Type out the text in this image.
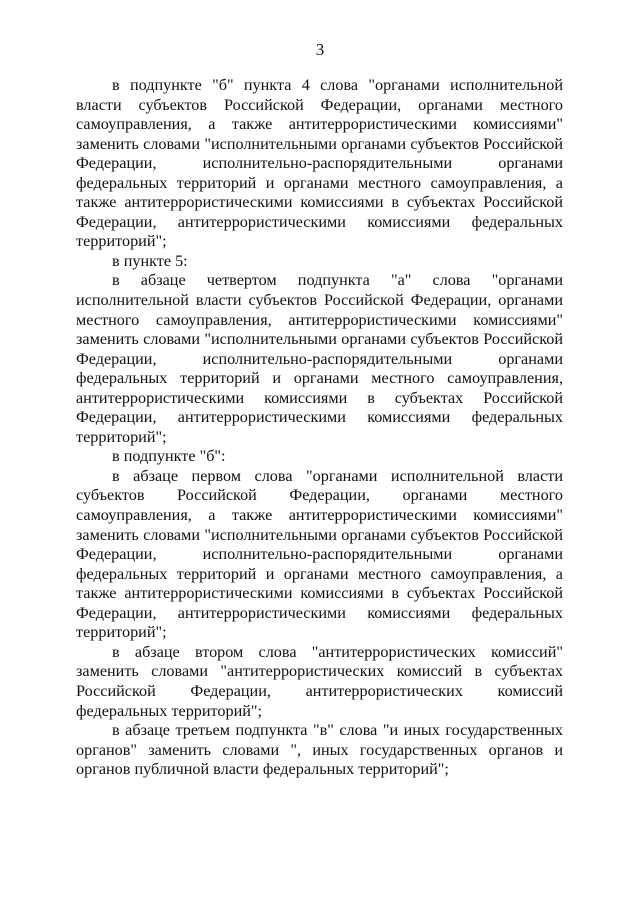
3

в подпункте "б" пункта 4 слова "органами исполнительной власти субъектов Российской Федерации, органами местного самоуправления, а также антитеррористическими комиссиями" заменить словами "исполнительными органами субъектов Российской Федерации, исполнительно-распорядительными органами федеральных территорий и органами местного самоуправления, а также антитеррористическими комиссиями в субъектах Российской Федерации, антитеррористическими комиссиями федеральных территорий";

в пункте 5:

в абзаце четвертом подпункта "а" слова "органами исполнительной власти субъектов Российской Федерации, органами местного самоуправления, антитеррористическими комиссиями" заменить словами "исполнительными органами субъектов Российской Федерации, исполнительно-распорядительными органами федеральных территорий и органами местного самоуправления, антитеррористическими комиссиями в субъектах Российской Федерации, антитеррористическими комиссиями федеральных территорий";

в подпункте "б":

в абзаце первом слова "органами исполнительной власти субъектов Российской Федерации, органами местного самоуправления, а также антитеррористическими комиссиями" заменить словами "исполнительными органами субъектов Российской Федерации, исполнительно-распорядительными органами федеральных территорий и органами местного самоуправления, а также антитеррористическими комиссиями в субъектах Российской Федерации, антитеррористическими комиссиями федеральных территорий";

в абзаце втором слова "антитеррористических комиссий" заменить словами "антитеррористических комиссий в субъектах Российской Федерации, антитеррористических комиссий федеральных территорий";

в абзаце третьем подпункта "в" слова "и иных государственных органов" заменить словами ", иных государственных органов и органов публичной власти федеральных территорий";
